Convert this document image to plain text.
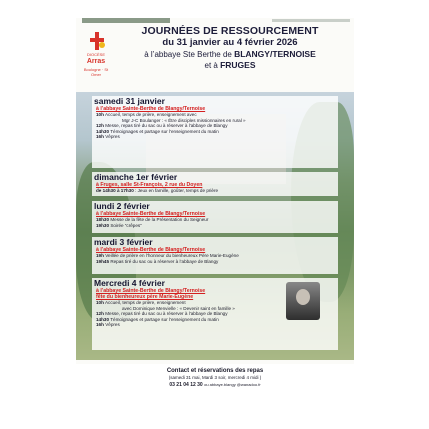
DIOCÈSE
Arras
Boulogne · St Omer
JOURNÉES DE RESSOURCEMENT
du 31 janvier au 4 février 2026
à l’abbaye Ste Berthe de BLANGY/TERNOISE
et à FRUGES
samedi 31 janvier
à l’abbaye Sainte-Berthe de Blangy/Ternoise
10h Accueil, temps de prière, enseignement avec
Mgr J-C Boulanger : « Être disciples missionnaires en rural »
12h Messe, repas tiré du sac ou à réserver à l’abbaye de Blangy
14h30 Témoignages et partage sur l’enseignement du matin
16h Vêpres
dimanche 1er février
à Fruges, salle St-François, 2 rue du Doyen
de 14h30 à 17h30 : Jeux en famille, goûter, temps de prière
lundi 2 février
à l’abbaye Sainte-Berthe de Blangy/Ternoise
18h30 Messe de la fête de la Présentation du Seigneur
19h30 Soirée “crêpes”
mardi 3 février
à l’abbaye Sainte-Berthe de Blangy/Ternoise
19h Veillée de prière en l’honneur du bienheureux Père Marie-Eugène
19h45 Repas tiré du sac ou à réserver à l’abbaye de Blangy
Mercredi 4 février
à l’abbaye Sainte-Berthe de Blangy/Ternoise
fête du bienheureux père Marie-Eugène
10h Accueil, temps de prière, enseignement
avec Dominique Menvielle : « Devenir saint en famille »
12h Messe, repas tiré du sac ou à réserver à l’abbaye de Blangy
14h30 Témoignages et partage sur l’enseignement du matin
16h Vêpres
Contact et réservations des repas
(samedi 31 mai, Mardi 3 soir, mercredi 4 midi )
03 21 04 12 30 ou abbaye.blangy @wanadoo.fr
